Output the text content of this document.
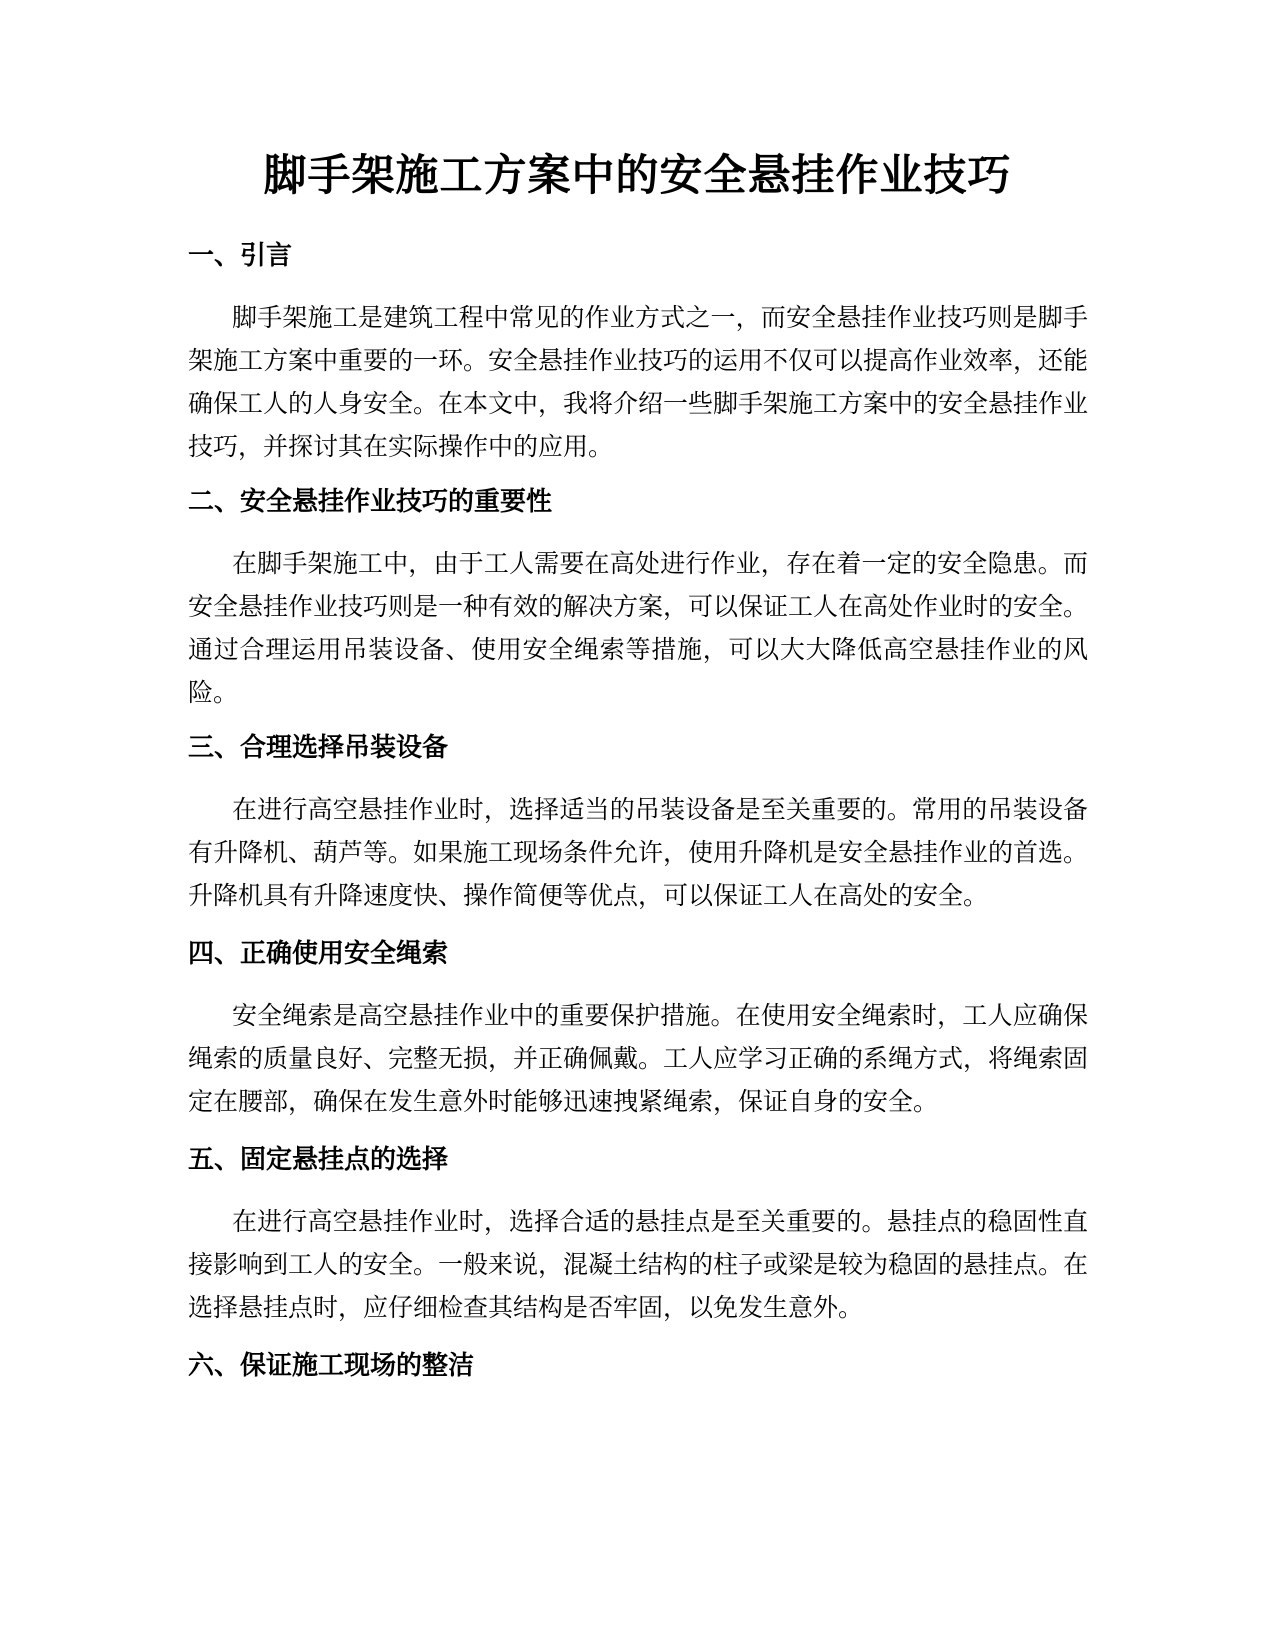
脚手架施工方案中的安全悬挂作业技巧
一、引言

脚手架施工是建筑工程中常见的作业方式之一，而安全悬挂作业技巧则是脚手架施工方案中重要的一环。安全悬挂作业技巧的运用不仅可以提高作业效率，还能确保工人的人身安全。在本文中，我将介绍一些脚手架施工方案中的安全悬挂作业技巧，并探讨其在实际操作中的应用。

二、安全悬挂作业技巧的重要性

在脚手架施工中，由于工人需要在高处进行作业，存在着一定的安全隐患。而安全悬挂作业技巧则是一种有效的解决方案，可以保证工人在高处作业时的安全。通过合理运用吊装设备、使用安全绳索等措施，可以大大降低高空悬挂作业的风险。

三、合理选择吊装设备

在进行高空悬挂作业时，选择适当的吊装设备是至关重要的。常用的吊装设备有升降机、葫芦等。如果施工现场条件允许，使用升降机是安全悬挂作业的首选。升降机具有升降速度快、操作简便等优点，可以保证工人在高处的安全。

四、正确使用安全绳索

安全绳索是高空悬挂作业中的重要保护措施。在使用安全绳索时，工人应确保绳索的质量良好、完整无损，并正确佩戴。工人应学习正确的系绳方式，将绳索固定在腰部，确保在发生意外时能够迅速拽紧绳索，保证自身的安全。

五、固定悬挂点的选择

在进行高空悬挂作业时，选择合适的悬挂点是至关重要的。悬挂点的稳固性直接影响到工人的安全。一般来说，混凝土结构的柱子或梁是较为稳固的悬挂点。在选择悬挂点时，应仔细检查其结构是否牢固，以免发生意外。

六、保证施工现场的整洁
